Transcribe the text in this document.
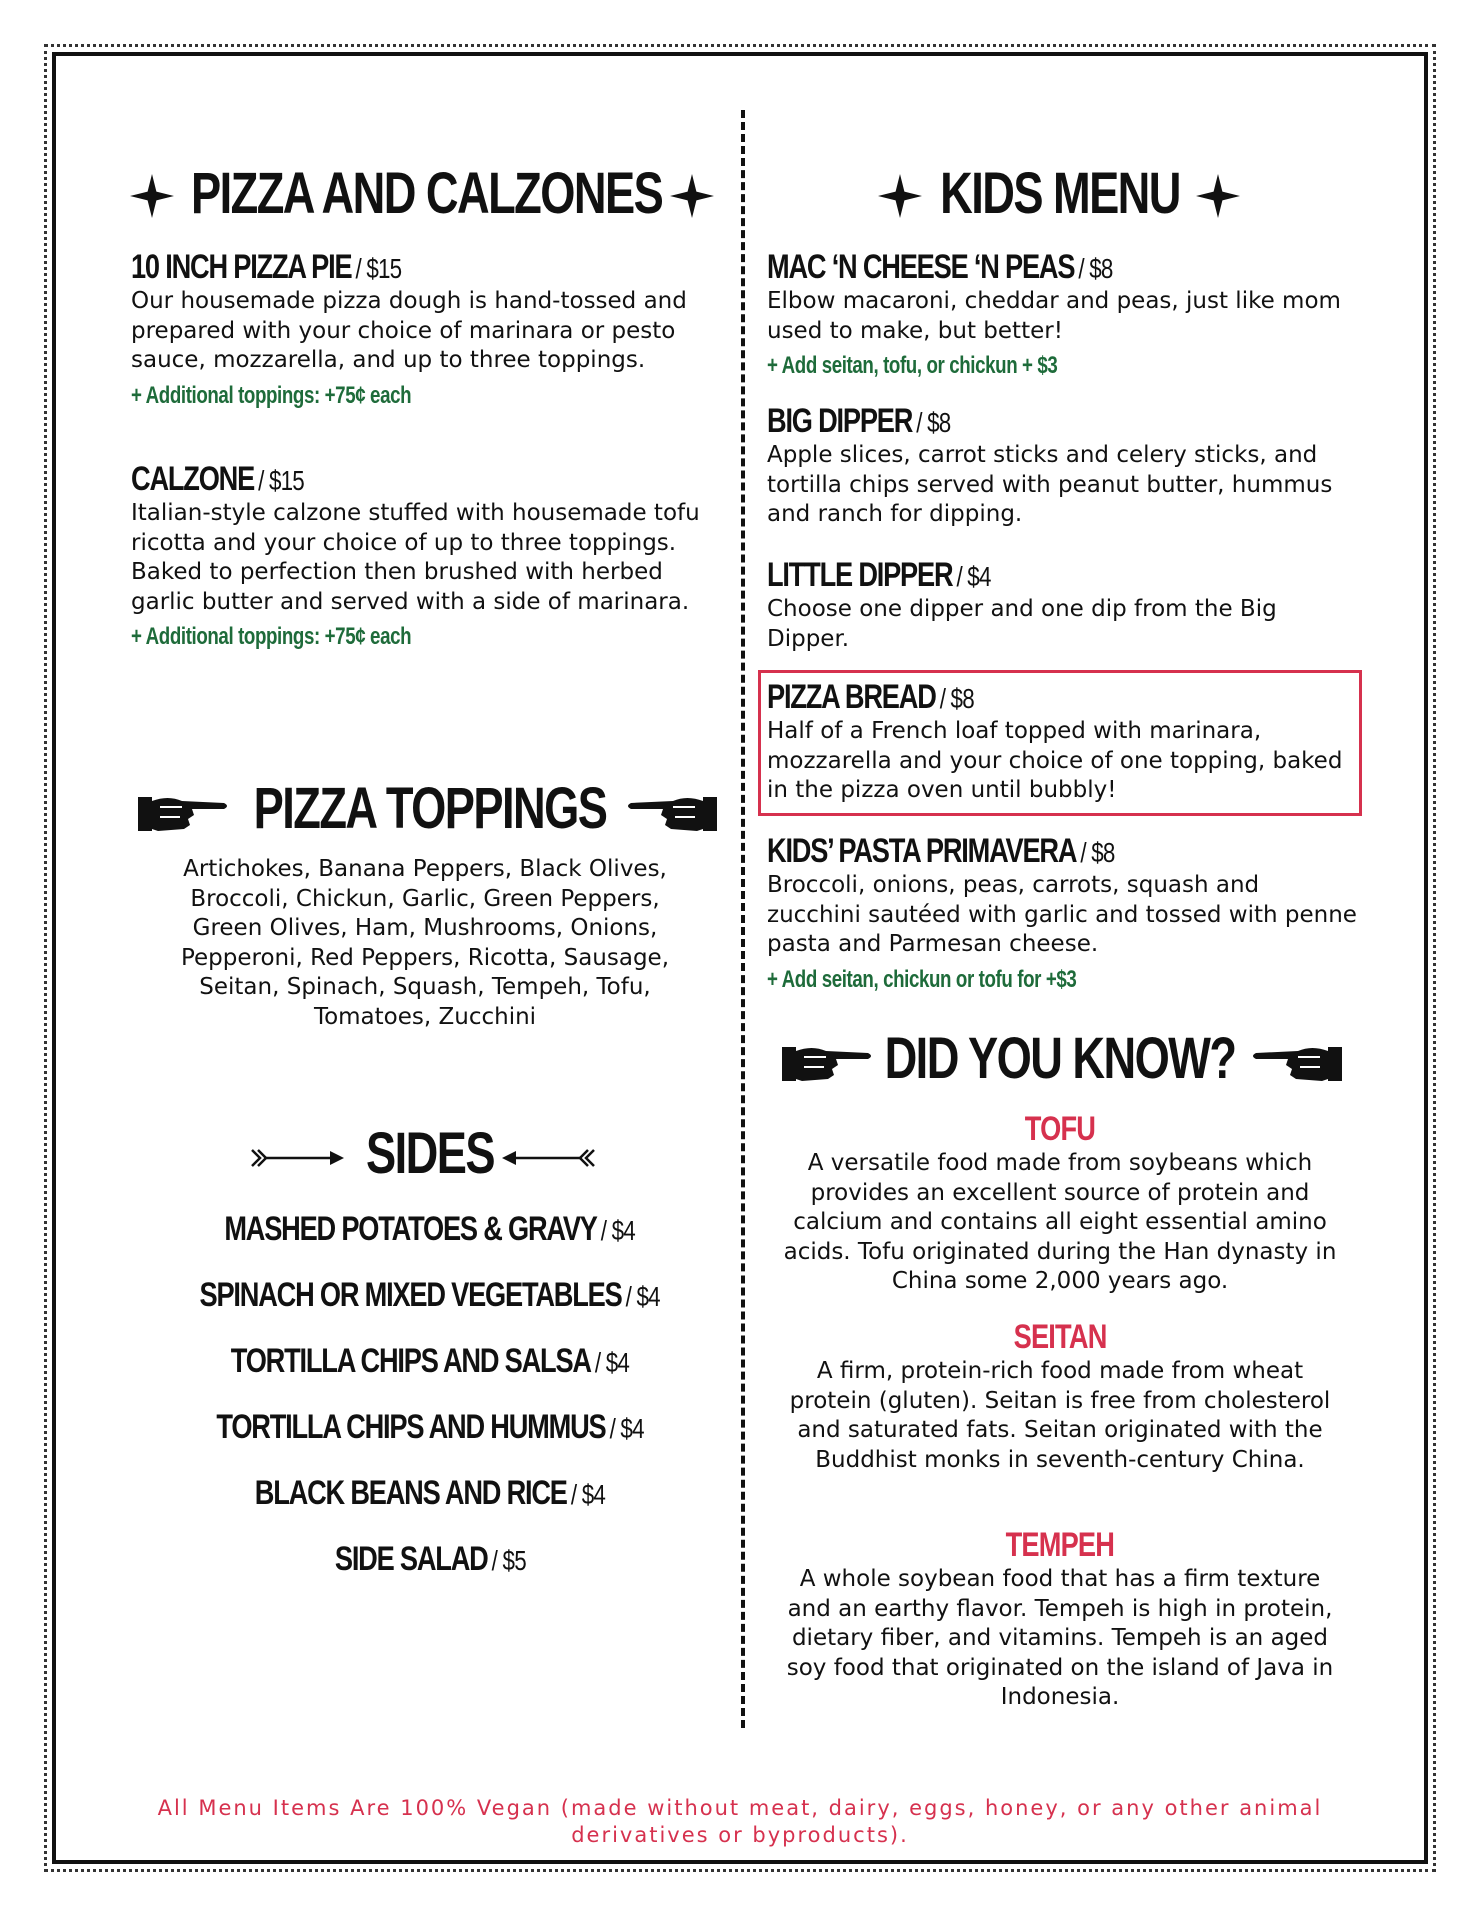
PIZZA AND CALZONES
10 INCH PIZZA PIE / $15

Our housemade pizza dough is hand-tossed and prepared with your choice of marinara or pesto sauce, mozzarella, and up to three toppings.

+ Additional toppings: +75¢ each
CALZONE / $15

Italian-style calzone stuffed with housemade tofu ricotta and your choice of up to three toppings. Baked to perfection then brushed with herbed garlic butter and served with a side of marinara.

+ Additional toppings: +75¢ each
PIZZA TOPPINGS
Artichokes, Banana Peppers, Black Olives, Broccoli, Chickun, Garlic, Green Peppers, Green Olives, Ham, Mushrooms, Onions, Pepperoni, Red Peppers, Ricotta, Sausage, Seitan, Spinach, Squash, Tempeh, Tofu, Tomatoes, Zucchini
SIDES
MASHED POTATOES & GRAVY / $4
SPINACH OR MIXED VEGETABLES / $4
TORTILLA CHIPS AND SALSA / $4
TORTILLA CHIPS AND HUMMUS / $4
BLACK BEANS AND RICE / $4
SIDE SALAD / $5
KIDS MENU
MAC ‘N CHEESE ‘N PEAS / $8

Elbow macaroni, cheddar and peas, just like mom used to make, but better!

+ Add seitan, tofu, or chickun + $3
BIG DIPPER / $8

Apple slices, carrot sticks and celery sticks, and tortilla chips served with peanut butter, hummus and ranch for dipping.

LITTLE DIPPER / $4

Choose one dipper and one dip from the Big Dipper.

PIZZA BREAD / $8

Half of a French loaf topped with marinara, mozzarella and your choice of one topping, baked in the pizza oven until bubbly!

KIDS’ PASTA PRIMAVERA / $8

Broccoli, onions, peas, carrots, squash and zucchini sautéed with garlic and tossed with penne pasta and Parmesan cheese.

+ Add seitan, chickun or tofu for +$3
DID YOU KNOW?
TOFU
A versatile food made from soybeans which provides an excellent source of protein and calcium and contains all eight essential amino acids. Tofu originated during the Han dynasty in China some 2,000 years ago.
SEITAN
A firm, protein-rich food made from wheat protein (gluten). Seitan is free from cholesterol and saturated fats. Seitan originated with the Buddhist monks in seventh-century China.
TEMPEH
A whole soybean food that has a firm texture and an earthy flavor. Tempeh is high in protein, dietary fiber, and vitamins. Tempeh is an aged soy food that originated on the island of Java in Indonesia.
All Menu Items Are 100% Vegan (made without meat, dairy, eggs, honey, or any other animal derivatives or byproducts).
